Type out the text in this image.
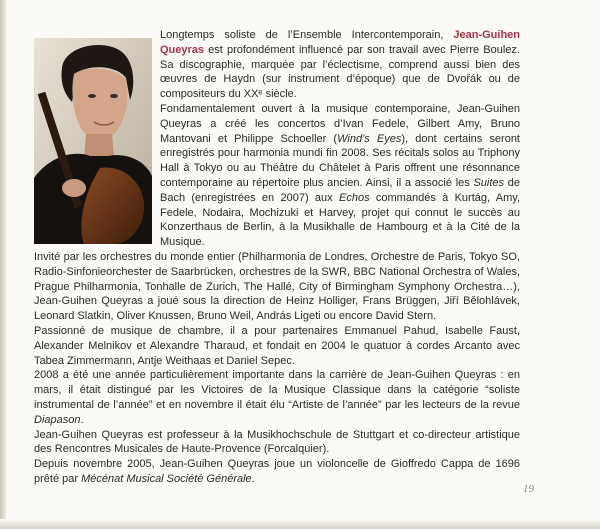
Longtemps soliste de l’Ensemble Intercontemporain, Jean-Guihen Queyras est profondément influencé par son travail avec Pierre Boulez. Sa discographie, marquée par l’éclectisme, comprend aussi bien des œuvres de Haydn (sur instrument d’époque) que de Dvořák ou de compositeurs du XXᵉ siècle.

Fondamentalement ouvert à la musique contemporaine, Jean-Guihen Queyras a créé les concertos d’Ivan Fedele, Gilbert Amy, Bruno Mantovani et Philippe Schoeller (Wind’s Eyes), dont certains seront enregistrés pour harmonia mundi fin 2008. Ses récitals solos au Triphony Hall à Tokyo ou au Théâtre du Châtelet à Paris offrent une résonnance contemporaine au répertoire plus ancien. Ainsi, il a associé les Suites de Bach (enregistrées en 2007) aux Echos commandés à Kurtág, Amy, Fedele, Nodaira, Mochizuki et Harvey, projet qui connut le succès au Konzerthaus de Berlin, à la Musikhalle de Hambourg et à la Cité de la Musique.

Invité par les orchestres du monde entier (Philharmonia de Londres, Orchestre de Paris, Tokyo SO, Radio-Sinfonieorchester de Saarbrücken, orchestres de la SWR, BBC National Orchestra of Wales, Prague Philharmonia, Tonhalle de Zurich, The Hallé, City of Birmingham Symphony Orchestra…), Jean-Guihen Queyras a joué sous la direction de Heinz Holliger, Frans Brüggen, Jiří Bělohlávek, Leonard Slatkin, Oliver Knussen, Bruno Weil, András Ligeti ou encore David Stern.

Passionné de musique de chambre, il a pour partenaires Emmanuel Pahud, Isabelle Faust, Alexander Melnikov et Alexandre Tharaud, et fondait en 2004 le quatuor à cordes Arcanto avec Tabea Zimmermann, Antje Weithaas et Daniel Sepec.

2008 a été une année particulièrement importante dans la carrière de Jean-Guihen Queyras : en mars, il était distingué par les Victoires de la Musique Classique dans la catégorie “soliste instrumental de l’année” et en novembre il était élu “Artiste de l’année” par les lecteurs de la revue Diapason.

Jean-Guihen Queyras est professeur à la Musikhochschule de Stuttgart et co-directeur artistique des Rencontres Musicales de Haute-Provence (Forcalquier).

Depuis novembre 2005, Jean-Guihen Queyras joue un violoncelle de Gioffredo Cappa de 1696 prêté par Mécénat Musical Société Générale.

19
